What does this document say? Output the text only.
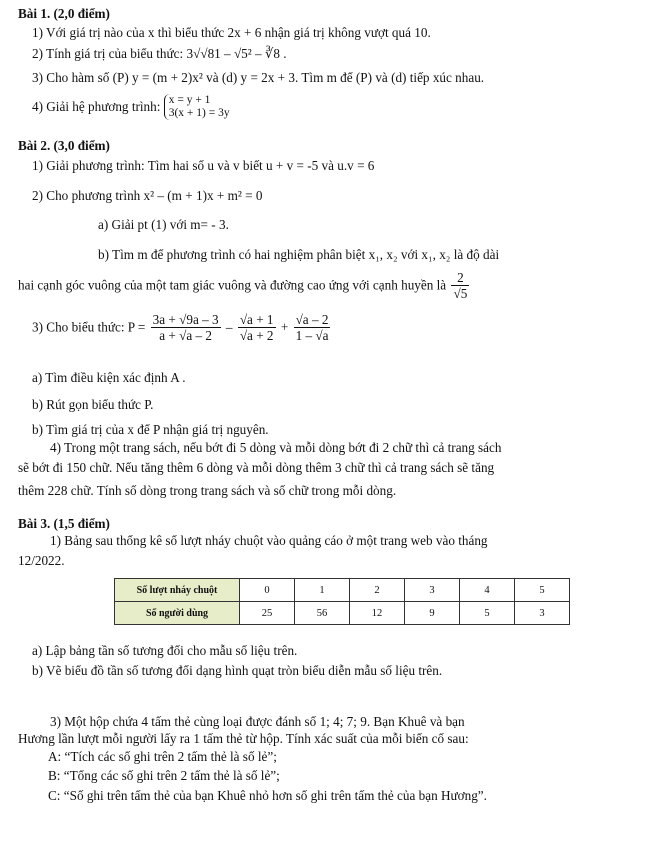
Bài 1. (2,0 điểm)
1) Với giá trị nào của x thì biểu thức 2x + 6 nhận giá trị không vượt quá 10.
2) Tính giá trị của biểu thức: 3√√81 – √5² – ∛8 .
3) Cho hàm số (P) y = (m + 2)x² và (d) y = 2x + 3. Tìm m để (P) và (d) tiếp xúc nhau.
4) Giải hệ phương trình: x = y + 1
3(x + 1) = 3y
Bài 2. (3,0 điểm)
1) Giải phương trình: Tìm hai số u và v biết u + v = -5 và u.v = 6
2) Cho phương trình x² – (m + 1)x + m² = 0
a) Giải pt (1) với m= - 3.
b) Tìm m để phương trình có hai nghiệm phân biệt x₁, x₂ với x₁, x₂ là độ dài
hai cạnh góc vuông của một tam giác vuông và đường cao ứng với cạnh huyền là $\frac{2}{√5}$
3) Cho biểu thức: $P = \frac{3a + √9a - 3}{a + √a - 2} - \frac{√a + 1}{√a + 2} + \frac{√a - 2}{1 - √a}$
a) Tìm điều kiện xác định A .
b) Rút gọn biểu thức P.
b) Tìm giá trị của x để P nhận giá trị nguyên.
4) Trong một trang sách, nếu bớt đi 5 dòng và mỗi dòng bớt đi 2 chữ thì cả trang sách
sẽ bớt đi 150 chữ. Nếu tăng thêm 6 dòng và mỗi dòng thêm 3 chữ thì cả trang sách sẽ tăng
thêm 228 chữ. Tính số dòng trong trang sách và số chữ trong mỗi dòng.
Bài 3. (1,5 điểm)
1) Bảng sau thống kê số lượt nháy chuột vào quảng cáo ở một trang web vào tháng
12/2022.
Số lượt nháy chuột	0	1	2	3	4	5
Số người dùng	25	56	12	9	5	3
a) Lập bảng tần số tương đối cho mẫu số liệu trên.
b) Vẽ biểu đồ tần số tương đối dạng hình quạt tròn biểu diễn mẫu số liệu trên.
3) Một hộp chứa 4 tấm thẻ cùng loại được đánh số 1; 4; 7; 9. Bạn Khuê và bạn
Hương lần lượt mỗi người lấy ra 1 tấm thẻ từ hộp. Tính xác suất của mỗi biến cố sau:
A: “Tích các số ghi trên 2 tấm thẻ là số lẻ”;
B: “Tổng các số ghi trên 2 tấm thẻ là số lẻ”;
C: “Số ghi trên tấm thẻ của bạn Khuê nhỏ hơn số ghi trên tấm thẻ của bạn Hương”.
